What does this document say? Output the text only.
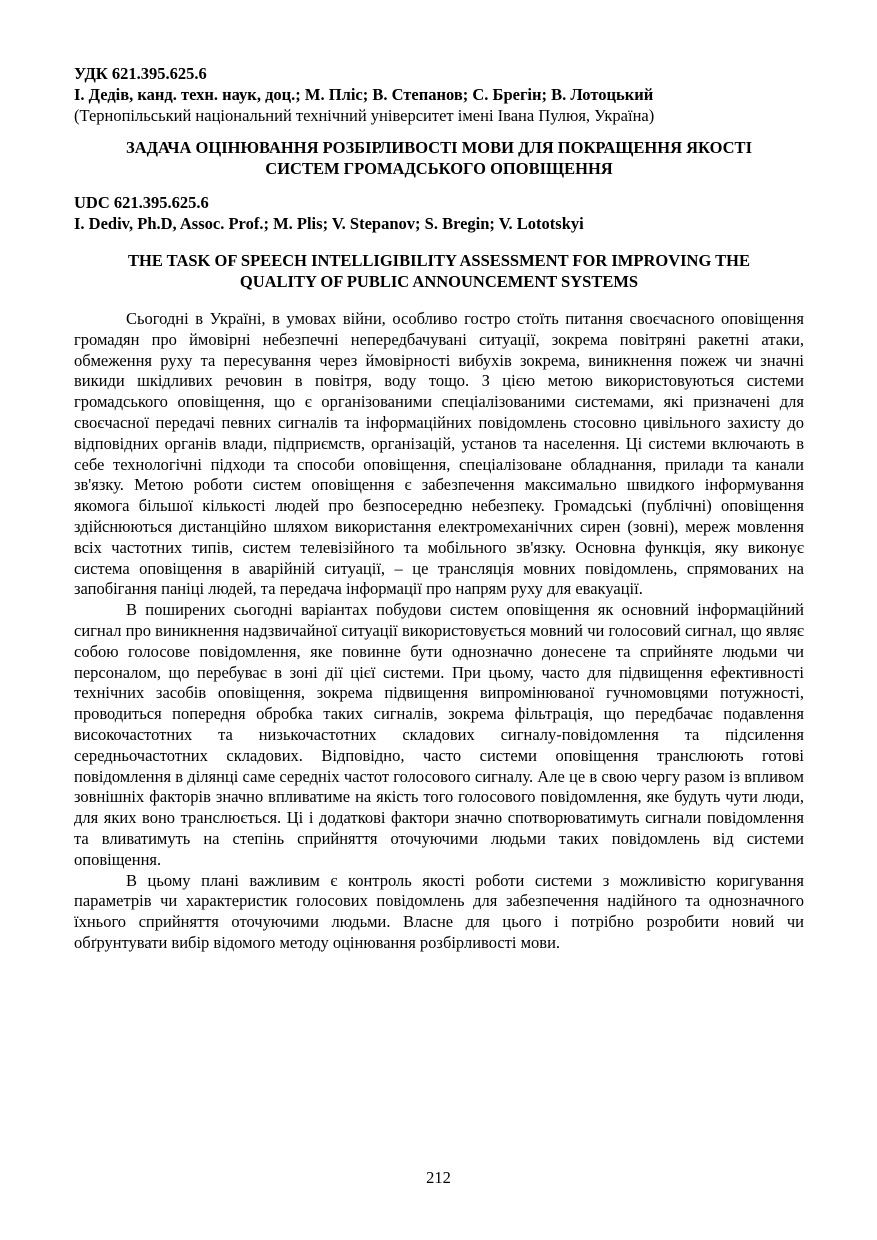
УДК 621.395.625.6

І. Дедів, канд. техн. наук, доц.; М. Пліс; В. Степанов; С. Брегін; В. Лотоцький

(Тернопільський національний технічний університет імені Івана Пулюя, Україна)

ЗАДАЧА ОЦІНЮВАННЯ РОЗБІРЛИВОСТІ МОВИ ДЛЯ ПОКРАЩЕННЯ ЯКОСТІ СИСТЕМ ГРОМАДСЬКОГО ОПОВІЩЕННЯ

UDC 621.395.625.6

I. Dediv, Ph.D, Assoc. Prof.; M. Plis; V. Stepanov; S. Bregin; V. Lototskyi

THE TASK OF SPEECH INTELLIGIBILITY ASSESSMENT FOR IMPROVING THE QUALITY OF PUBLIC ANNOUNCEMENT SYSTEMS

Сьогодні в Україні, в умовах війни, особливо гостро стоїть питання своєчасного оповіщення громадян про ймовірні небезпечні непередбачувані ситуації, зокрема повітряні ракетні атаки, обмеження руху та пересування через ймовірності вибухів зокрема, виникнення пожеж чи значні викиди шкідливих речовин в повітря, воду тощо. З цією метою використовуються системи громадського оповіщення, що є організованими спеціалізованими системами, які призначені для своєчасної передачі певних сигналів та інформаційних повідомлень стосовно цивільного захисту до відповідних органів влади, підприємств, організацій, установ та населення. Ці системи включають в себе технологічні підходи та способи оповіщення, спеціалізоване обладнання, прилади та канали зв'язку. Метою роботи систем оповіщення є забезпечення максимально швидкого інформування якомога більшої кількості людей про безпосередню небезпеку. Громадські (публічні) оповіщення здійснюються дистанційно шляхом використання електромеханічних сирен (зовні), мереж мовлення всіх частотних типів, систем телевізійного та мобільного зв'язку. Основна функція, яку виконує система оповіщення в аварійній ситуації, – це трансляція мовних повідомлень, спрямованих на запобігання паніці людей, та передача інформації про напрям руху для евакуації.

В поширених сьогодні варіантах побудови систем оповіщення як основний інформаційний сигнал про виникнення надзвичайної ситуації використовується мовний чи голосовий сигнал, що являє собою голосове повідомлення, яке повинне бути однозначно донесене та сприйняте людьми чи персоналом, що перебуває в зоні дії цієї системи. При цьому, часто для підвищення ефективності технічних засобів оповіщення, зокрема підвищення випромінюваної гучномовцями потужності, проводиться попередня обробка таких сигналів, зокрема фільтрація, що передбачає подавлення високочастотних та низькочастотних складових сигналу-повідомлення та підсилення середньочастотних складових. Відповідно, часто системи оповіщення транслюють готові повідомлення в ділянці саме середніх частот голосового сигналу. Але це в свою чергу разом із впливом зовнішніх факторів значно впливатиме на якість того голосового повідомлення, яке будуть чути люди, для яких воно транслюється. Ці і додаткові фактори значно спотворюватимуть сигнали повідомлення та вливатимуть на степінь сприйняття оточуючими людьми таких повідомлень від системи оповіщення.

В цьому плані важливим є контроль якості роботи системи з можливістю коригування параметрів чи характеристик голосових повідомлень для забезпечення надійного та однозначного їхнього сприйняття оточуючими людьми. Власне для цього і потрібно розробити новий чи обґрунтувати вибір відомого методу оцінювання розбірливості мови.

212
